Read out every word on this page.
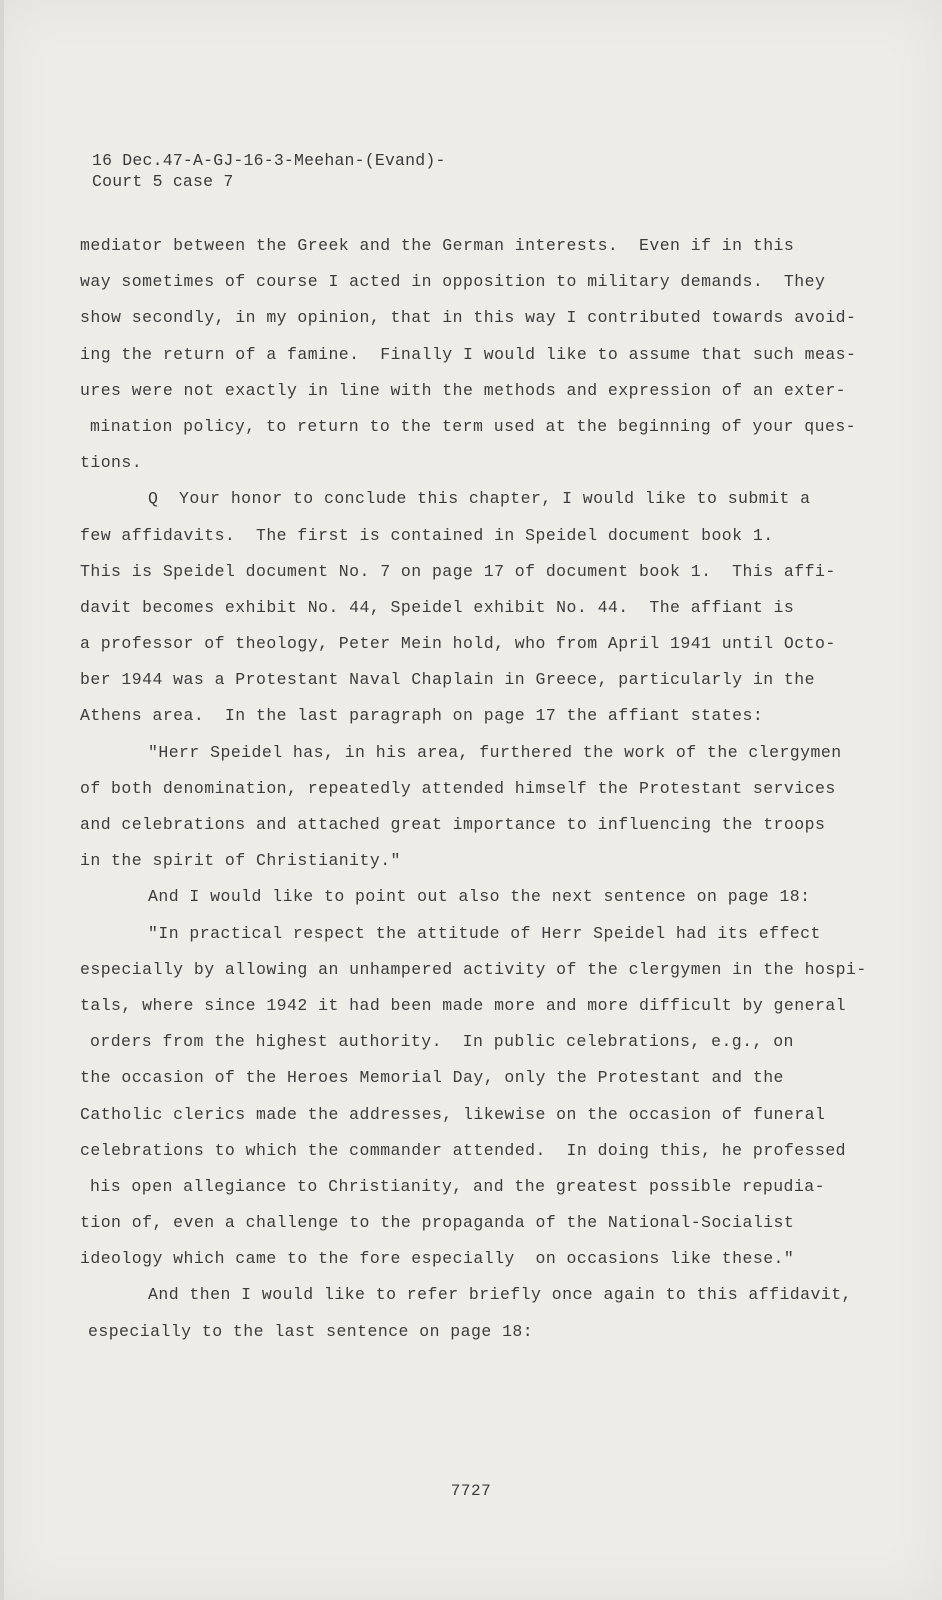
16 Dec.47-A-GJ-16-3-Meehan-(Evand)-
Court 5 case 7
mediator between the Greek and the German interests.  Even if in this
way sometimes of course I acted in opposition to military demands.  They
show secondly, in my opinion, that in this way I contributed towards avoid-
ing the return of a famine.  Finally I would like to assume that such meas-
ures were not exactly in line with the methods and expression of an exter-
mination policy, to return to the term used at the beginning of your ques-
tions.
Q  Your honor to conclude this chapter, I would like to submit a
few affidavits.  The first is contained in Speidel document book 1.
This is Speidel document No. 7 on page 17 of document book 1.  This affi-
davit becomes exhibit No. 44, Speidel exhibit No. 44.  The affiant is
a professor of theology, Peter Mein hold, who from April 1941 until Octo-
ber 1944 was a Protestant Naval Chaplain in Greece, particularly in the
Athens area.  In the last paragraph on page 17 the affiant states:
"Herr Speidel has, in his area, furthered the work of the clergymen
of both denomination, repeatedly attended himself the Protestant services
and celebrations and attached great importance to influencing the troops
in the spirit of Christianity."
And I would like to point out also the next sentence on page 18:
"In practical respect the attitude of Herr Speidel had its effect
especially by allowing an unhampered activity of the clergymen in the hospi-
tals, where since 1942 it had been made more and more difficult by general
orders from the highest authority.  In public celebrations, e.g., on
the occasion of the Heroes Memorial Day, only the Protestant and the
Catholic clerics made the addresses, likewise on the occasion of funeral
celebrations to which the commander attended.  In doing this, he professed
his open allegiance to Christianity, and the greatest possible repudia-
tion of, even a challenge to the propaganda of the National-Socialist
ideology which came to the fore especially  on occasions like these."
And then I would like to refer briefly once again to this affidavit,
especially to the last sentence on page 18:
7727
